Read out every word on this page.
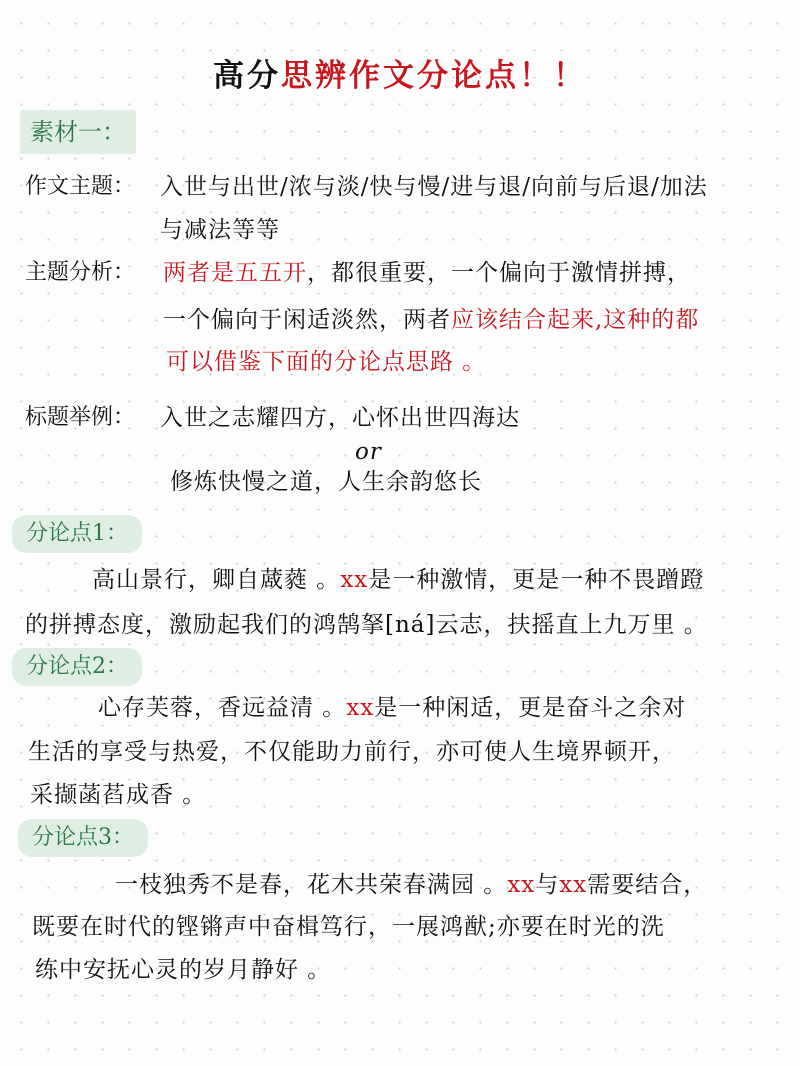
高分思辨作文分论点！！
素材一：
作文主题： 入世与出世/浓与淡/快与慢/进与退/向前与后退/加法
与减法等等
主题分析： 两者是五五开，都很重要，一个偏向于激情拼搏，
一个偏向于闲适淡然，两者应该结合起来,这种的都
可以借鉴下面的分论点思路 。
标题举例： 入世之志耀四方，心怀出世四海达
or
修炼快慢之道，人生余韵悠长
分论点1：
高山景行，卿自蒧蕤 。xx是一种激情，更是一种不畏蹭蹬
的拼搏态度，激励起我们的鸿鹄拏[ná]云志，扶摇直上九万里 。
分论点2：
心存芙蓉，香远益清 。xx是一种闲适，更是奋斗之余对
生活的享受与热爱，不仅能助力前行，亦可使人生境界顿开，
采撷菡萏成香 。
分论点3：
一枝独秀不是春，花木共荣春满园 。xx与xx需要结合，
既要在时代的铿锵声中奋楫笃行，一展鸿猷;亦要在时光的洗
练中安抚心灵的岁月静好 。
